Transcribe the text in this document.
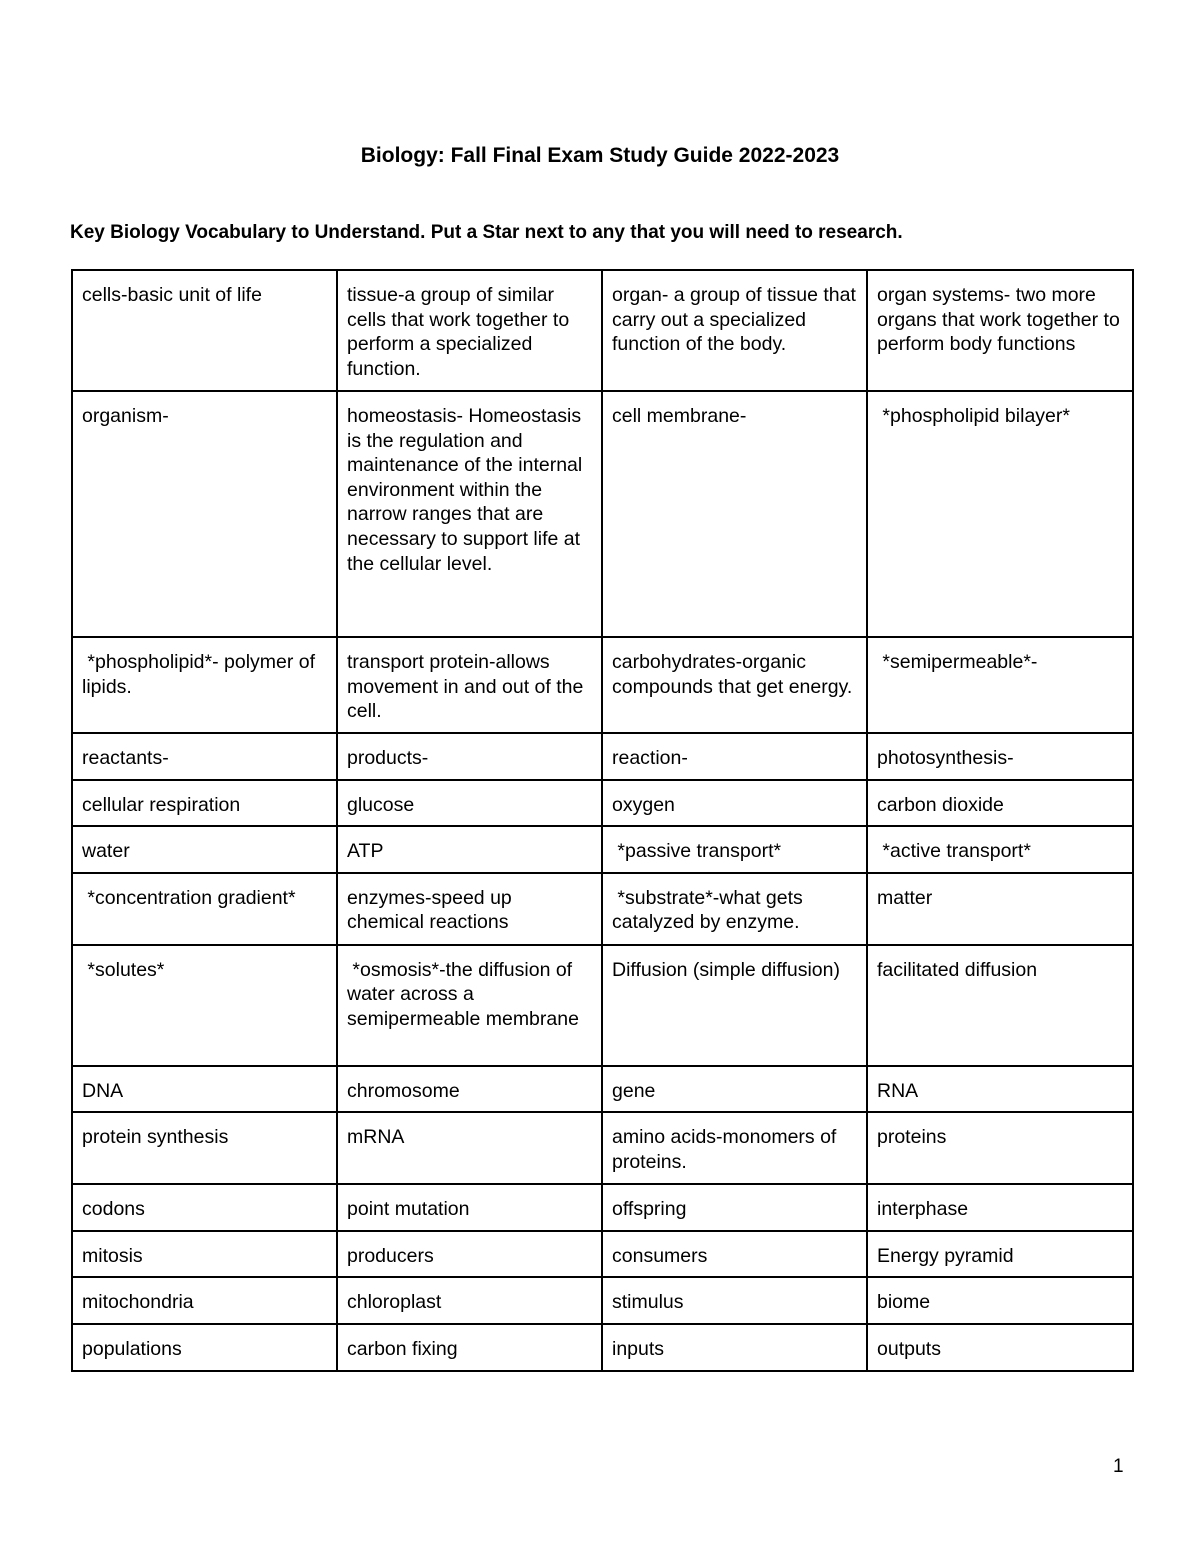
Biology: Fall Final Exam Study Guide 2022-2023

Key Biology Vocabulary to Understand. Put a Star next to any that you will need to research.

cells-basic unit of life	tissue-a group of similar cells that work together to perform a specialized function.	organ- a group of tissue that carry out a specialized function of the body.	organ systems- two more organs that work together to perform body functions
organism-	homeostasis- Homeostasis is the regulation and maintenance of the internal environment within the narrow ranges that are necessary to support life at the cellular level.	cell membrane-	*phospholipid bilayer*
*phospholipid*- polymer of lipids.	transport protein-allows movement in and out of the cell.	carbohydrates-organic compounds that get energy.	*semipermeable*-
reactants-	products-	reaction-	photosynthesis-
cellular respiration	glucose	oxygen	carbon dioxide
water	ATP	*passive transport*	*active transport*
*concentration gradient*	enzymes-speed up chemical reactions	*substrate*-what gets catalyzed by enzyme.	matter
*solutes*	*osmosis*-the diffusion of water across a semipermeable membrane	Diffusion (simple diffusion)	facilitated diffusion
DNA	chromosome	gene	RNA
protein synthesis	mRNA	amino acids-monomers of proteins.	proteins
codons	point mutation	offspring	interphase
mitosis	producers	consumers	Energy pyramid
mitochondria	chloroplast	stimulus	biome
populations	carbon fixing	inputs	outputs
1
